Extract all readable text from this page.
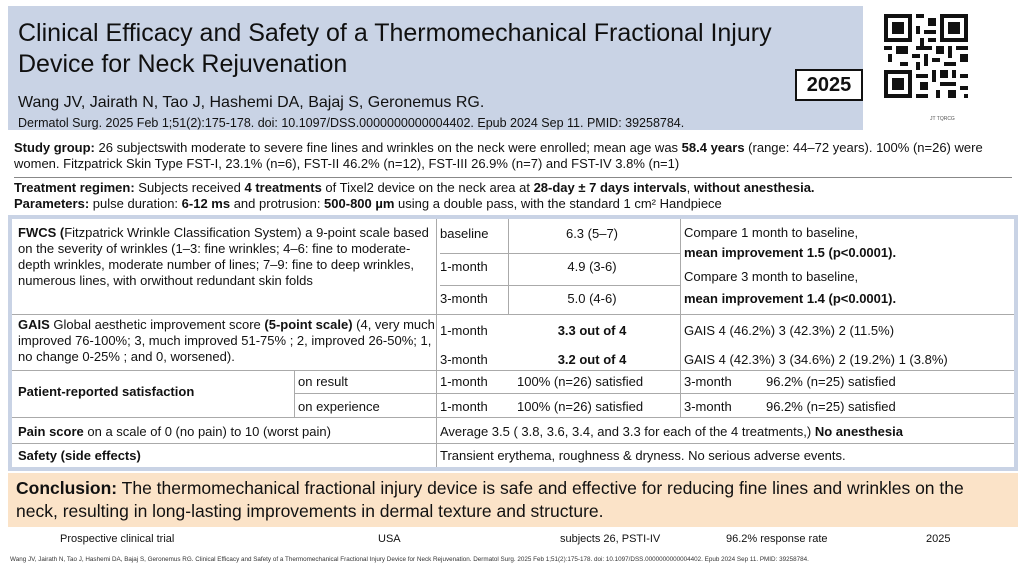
Clinical Efficacy and Safety of a Thermomechanical Fractional Injury Device for Neck Rejuvenation
2025
Wang JV, Jairath N, Tao J, Hashemi DA, Bajaj S, Geronemus RG.
Dermatol Surg. 2025 Feb 1;51(2):175-178. doi: 10.1097/DSS.0000000000004402. Epub 2024 Sep 11. PMID: 39258784.	JT TQRCG
Study group: 26 subjectswith moderate to severe fine lines and wrinkles on the neck were enrolled; mean age was 58.4 years (range: 44–72 years). 100% (n=26) were women. Fitzpatrick Skin Type FST-I, 23.1% (n=6), FST-II 46.2% (n=12), FST-III 26.9% (n=7) and FST-IV 3.8% (n=1)
Treatment regimen: Subjects received 4 treatments of Tixel2 device on the neck area at 28-day ± 7 days intervals, without anesthesia.
Parameters: pulse duration: 6-12 ms and protrusion: 500-800 µm using a double pass, with the standard 1 cm² Handpiece
FWCS (Fitzpatrick Wrinkle Classification System) a 9-point scale based on the severity of wrinkles (1–3: fine wrinkles; 4–6: fine to moderate-depth wrinkles, moderate number of lines; 7–9: fine to deep wrinkles, numerous lines, with orwithout redundant skin folds
baseline	6.3 (5–7)
1-month	4.9 (3-6)
3-month	5.0 (4-6)
Compare 1 month to baseline,
mean improvement 1.5 (p<0.0001).
Compare 3 month to baseline,
mean improvement 1.4 (p<0.0001).
GAIS Global aesthetic improvement score (5-point scale) (4, very much improved 76-100%; 3, much improved 51-75% ; 2, improved 26-50%; 1, no change 0-25% ; and 0, worsened).
1-month	3.3 out of 4	GAIS 4 (46.2%) 3 (42.3%) 2 (11.5%)
3-month	3.2 out of 4	GAIS 4 (42.3%) 3 (34.6%) 2 (19.2%) 1 (3.8%)
Patient-reported satisfaction
on result	1-month 100% (n=26) satisfied	3-month	96.2% (n=25) satisfied
on experience	1-month 100% (n=26) satisfied	3-month	96.2% (n=25) satisfied
Pain score on a scale of 0 (no pain) to 10 (worst pain)	Average 3.5 ( 3.8, 3.6, 3.4, and 3.3 for each of the 4 treatments,) No anesthesia
Safety (side effects)	Transient erythema, roughness & dryness. No serious adverse events.
Conclusion: The thermomechanical fractional injury device is safe and effective for reducing fine lines and wrinkles on the neck, resulting in long-lasting improvements in dermal texture and structure.
Prospective clinical trial	USA	subjects 26, PSTI-IV	96.2% response rate	2025
Wang JV, Jairath N, Tao J, Hashemi DA, Bajaj S, Geronemus RG. Clinical Efficacy and Safety of a Thermomechanical Fractional Injury Device for Neck Rejuvenation. Dermatol Surg. 2025 Feb 1;51(2):175-178. doi: 10.1097/DSS.0000000000004402. Epub 2024 Sep 11. PMID: 39258784.
